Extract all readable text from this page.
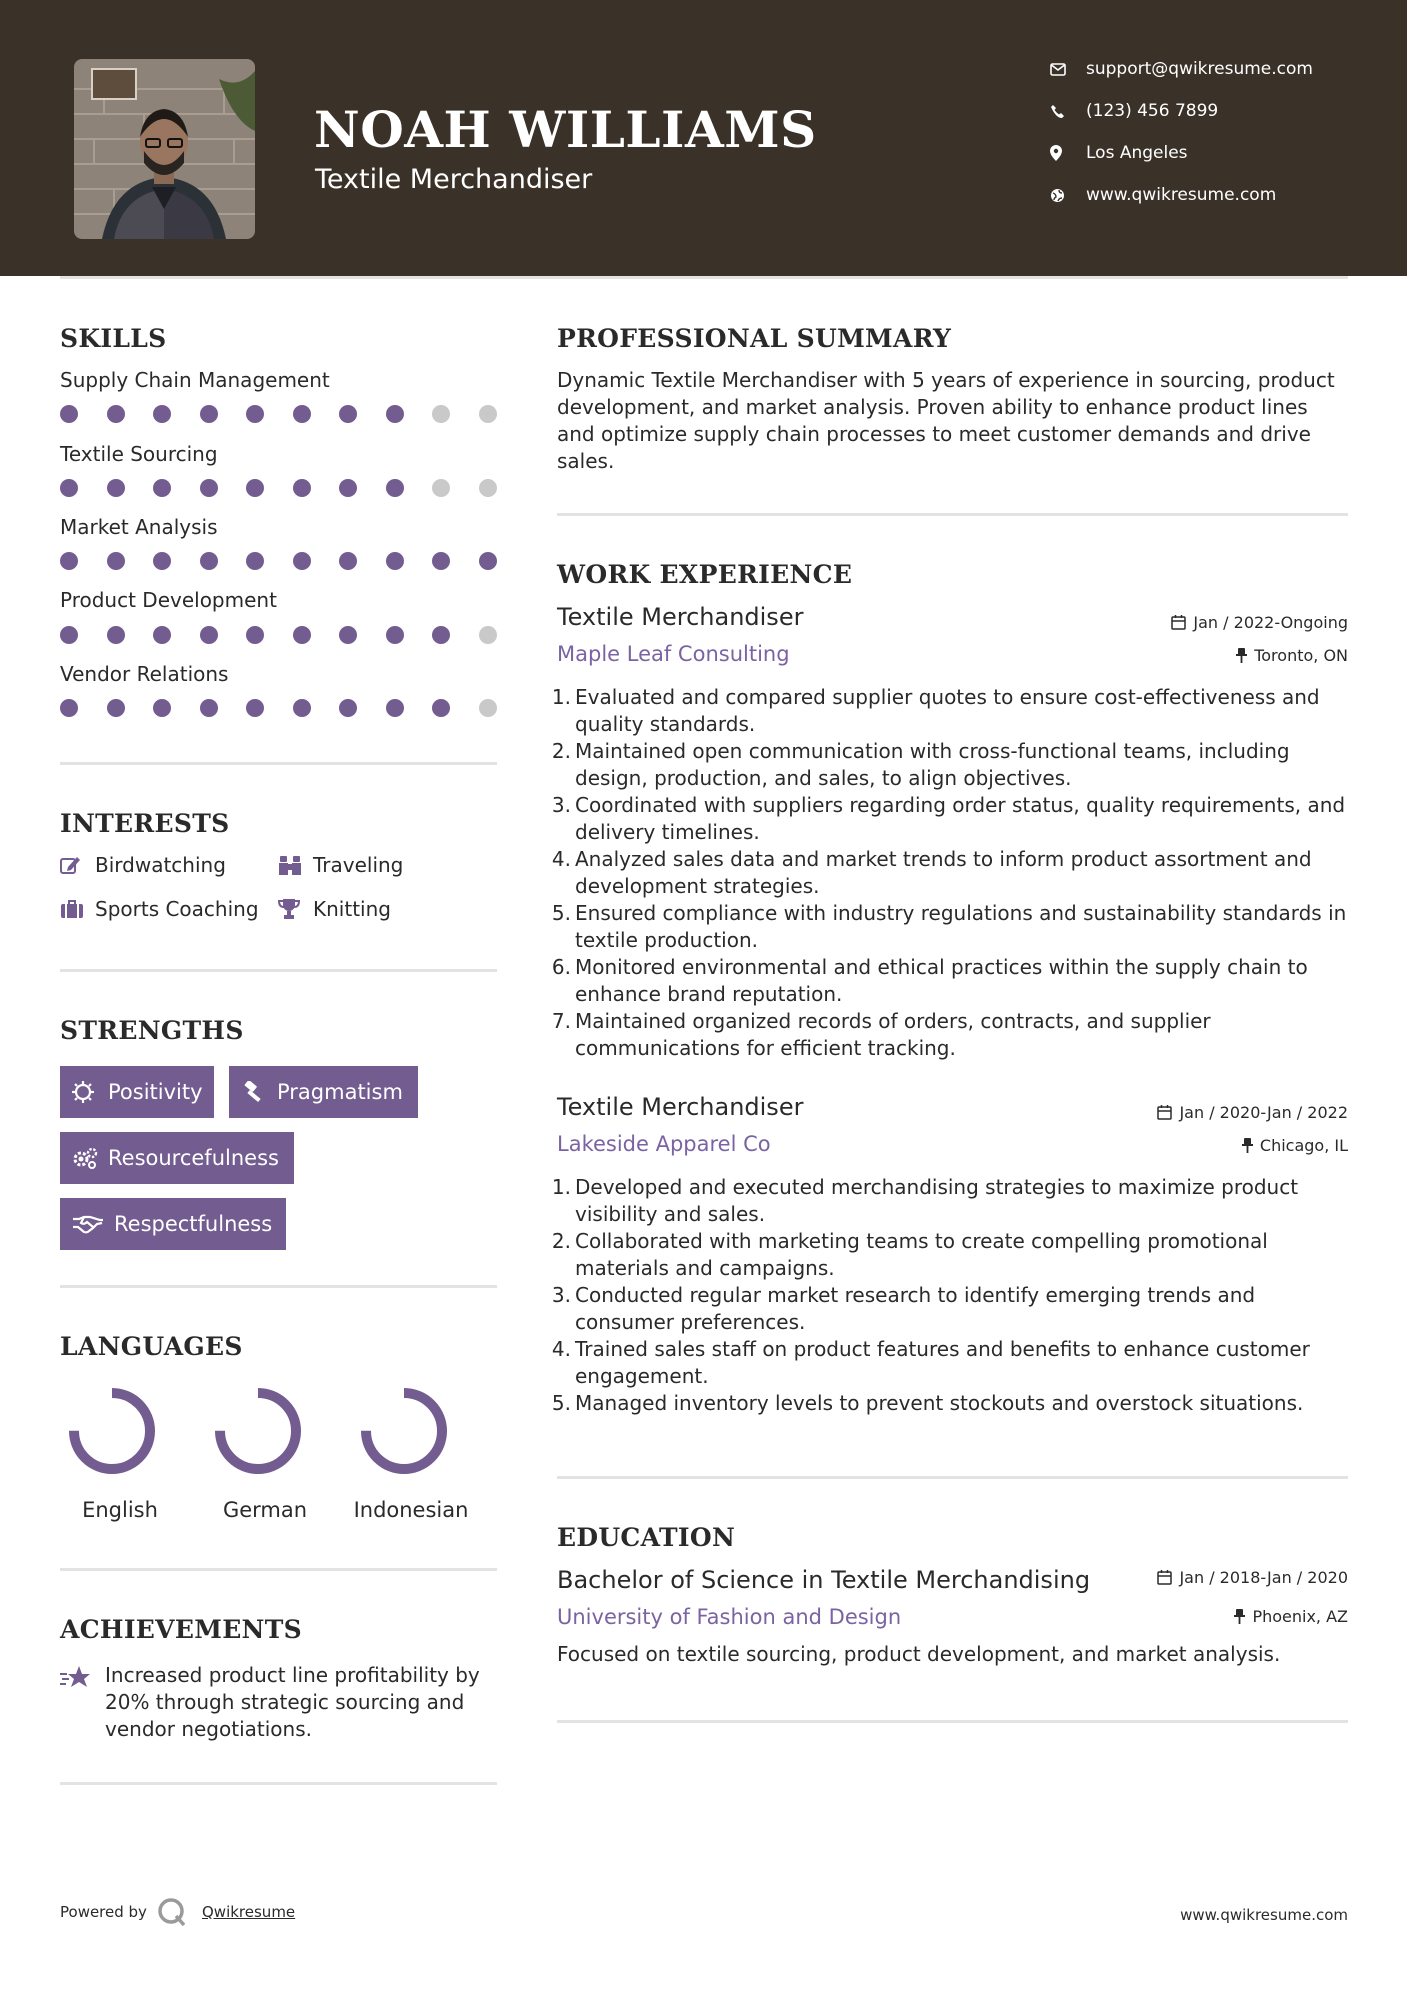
NOAH WILLIAMS
Textile Merchandiser
support@qwikresume.com
(123) 456 7899
Los Angeles
www.qwikresume.com
SKILLS
Supply Chain Management
Textile Sourcing
Market Analysis
Product Development
Vendor Relations
INTERESTS
Birdwatching	Traveling
Sports Coaching	Knitting
STRENGTHS
Positivity	Pragmatism
Resourcefulness
Respectfulness
LANGUAGES
English	German	Indonesian
ACHIEVEMENTS
Increased product line profitability by 20% through strategic sourcing and vendor negotiations.
PROFESSIONAL SUMMARY
Dynamic Textile Merchandiser with 5 years of experience in sourcing, product development, and market analysis. Proven ability to enhance product lines and optimize supply chain processes to meet customer demands and drive sales.
WORK EXPERIENCE
Textile Merchandiser	Jan / 2022-Ongoing
Maple Leaf Consulting	Toronto, ON
Evaluated and compared supplier quotes to ensure cost-effectiveness and quality standards.
Maintained open communication with cross-functional teams, including design, production, and sales, to align objectives.
Coordinated with suppliers regarding order status, quality requirements, and delivery timelines.
Analyzed sales data and market trends to inform product assortment and development strategies.
Ensured compliance with industry regulations and sustainability standards in textile production.
Monitored environmental and ethical practices within the supply chain to enhance brand reputation.
Maintained organized records of orders, contracts, and supplier communications for efficient tracking.
Textile Merchandiser	Jan / 2020-Jan / 2022
Lakeside Apparel Co	Chicago, IL
Developed and executed merchandising strategies to maximize product visibility and sales.
Collaborated with marketing teams to create compelling promotional materials and campaigns.
Conducted regular market research to identify emerging trends and consumer preferences.
Trained sales staff on product features and benefits to enhance customer engagement.
Managed inventory levels to prevent stockouts and overstock situations.
EDUCATION
Bachelor of Science in Textile Merchandising	Jan / 2018-Jan / 2020
University of Fashion and Design	Phoenix, AZ
Focused on textile sourcing, product development, and market analysis.
Powered by	Qwikresume	www.qwikresume.com
